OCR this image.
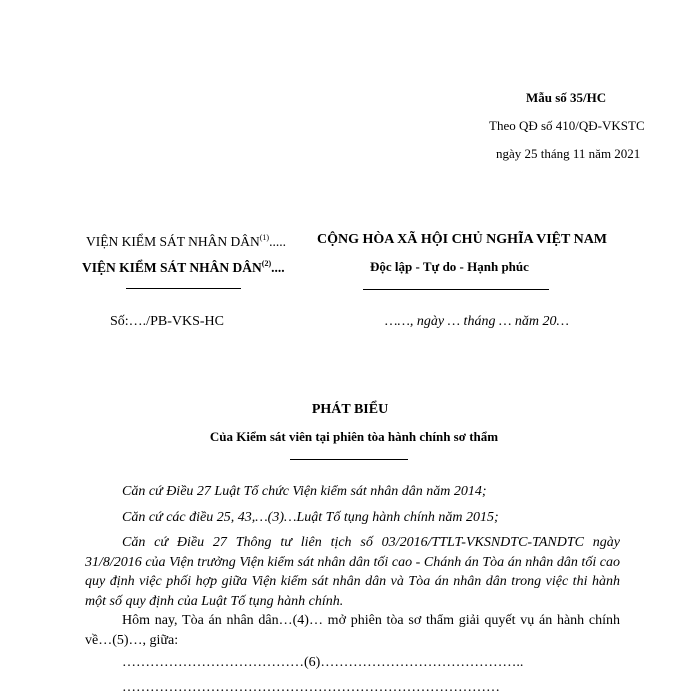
Mẫu số 35/HC
Theo QĐ số 410/QĐ-VKSTC
ngày 25 tháng 11 năm 2021
VIỆN KIỂM SÁT NHÂN DÂN$^{(1)}$.....
VIỆN KIỂM SÁT NHÂN DÂN$^{(2)}$....
Số:…./PB-VKS-HC
CỘNG HÒA XÃ HỘI CHỦ NGHĨA VIỆT NAM
Độc lập - Tự do - Hạnh phúc
……, ngày … tháng … năm 20…
PHÁT BIỂU
Của Kiểm sát viên tại phiên tòa hành chính sơ thẩm
Căn cứ Điều 27 Luật Tổ chức Viện kiểm sát nhân dân năm 2014;
Căn cứ các điều 25, 43,…(3)…Luật Tố tụng hành chính năm 2015;
Căn cứ Điều 27 Thông tư liên tịch số 03/2016/TTLT-VKSNDTC-TANDTC ngày 31/8/2016 của Viện trưởng Viện kiểm sát nhân dân tối cao - Chánh án Tòa án nhân dân tối cao quy định việc phối hợp giữa Viện kiểm sát nhân dân và Tòa án nhân dân trong việc thi hành một số quy định của Luật Tố tụng hành chính.
Hôm nay, Tòa án nhân dân…(4)… mở phiên tòa sơ thẩm giải quyết vụ án hành chính về…(5)…, giữa:
…………………………………(6)……………………………………..
………………………………………………………………………
